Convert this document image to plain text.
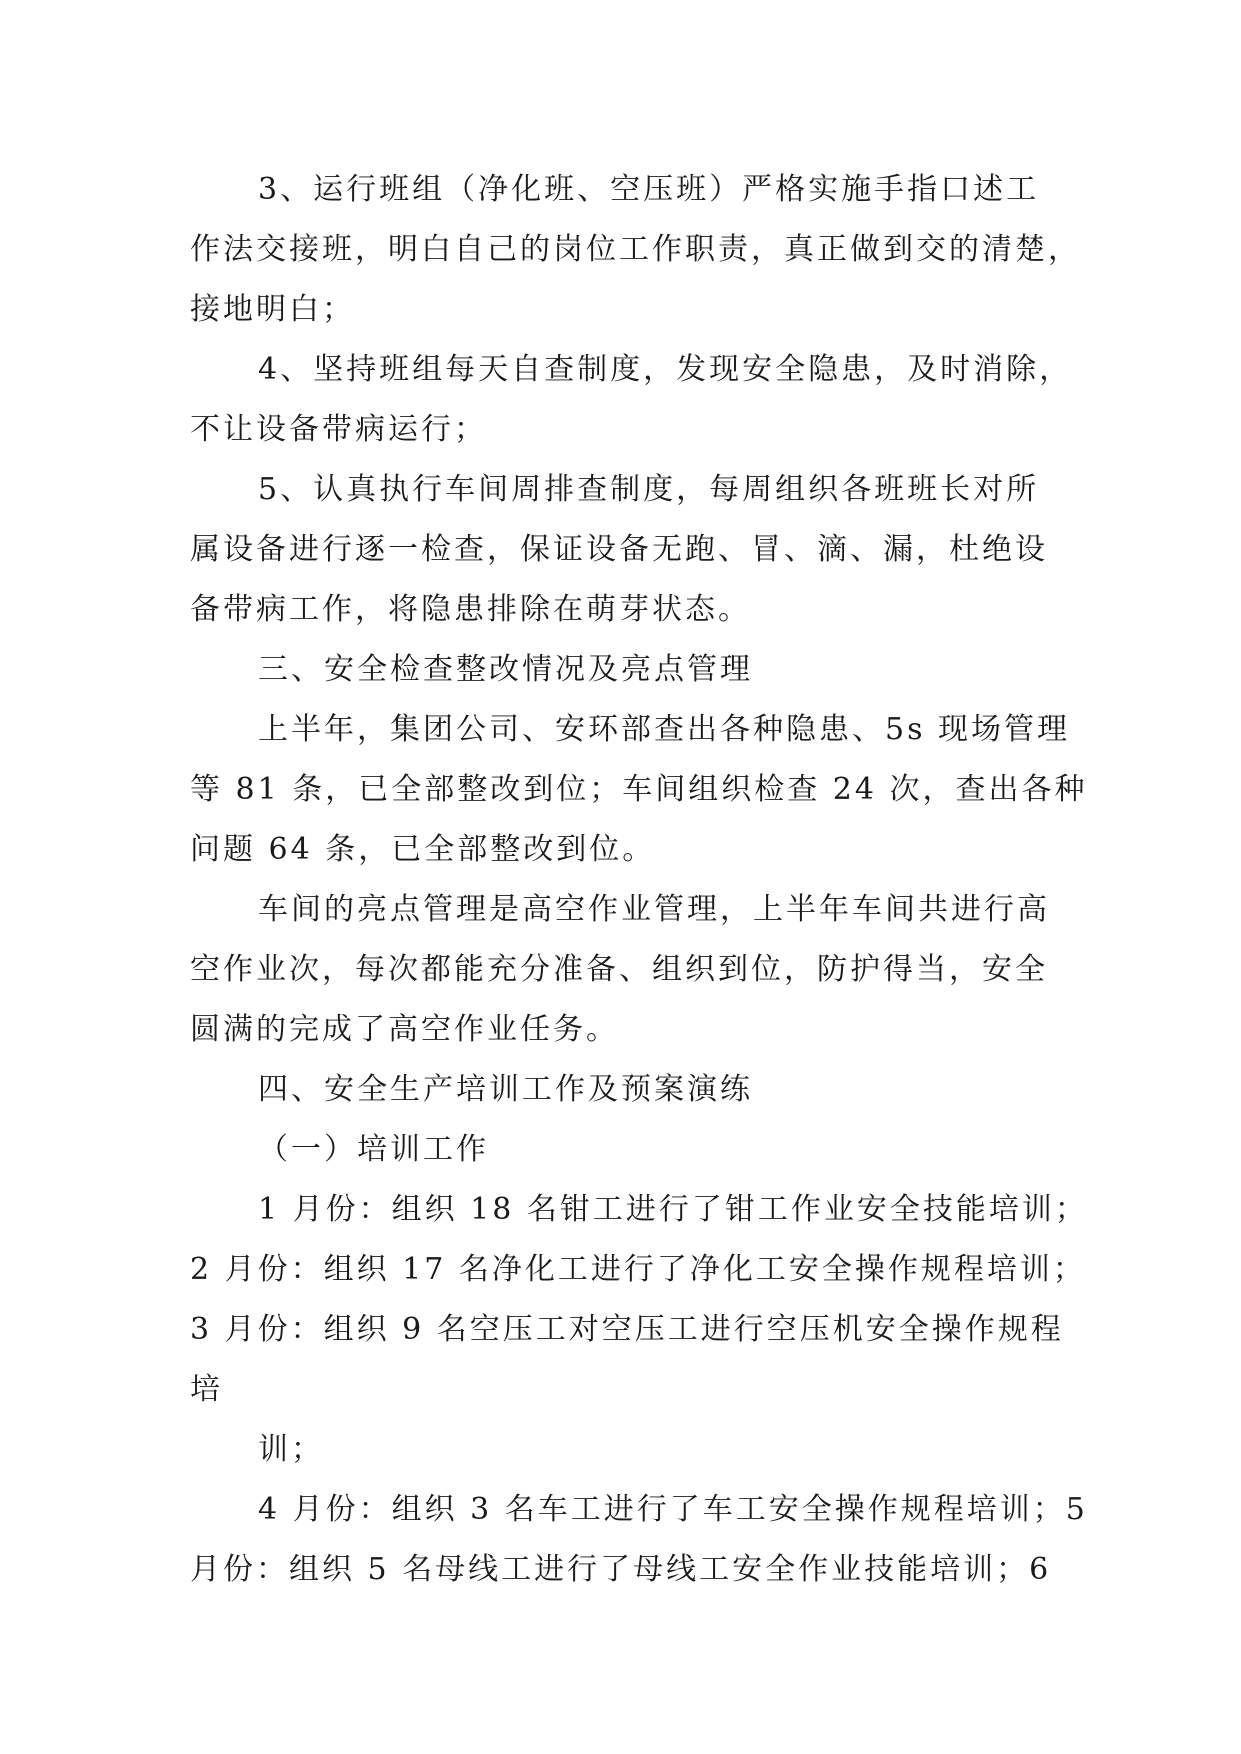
3、运行班组（净化班、空压班）严格实施手指口述工
作法交接班，明白自己的岗位工作职责，真正做到交的清楚，
接地明白；
4、坚持班组每天自查制度，发现安全隐患，及时消除，
不让设备带病运行；
5、认真执行车间周排查制度，每周组织各班班长对所
属设备进行逐一检查，保证设备无跑、冒、滴、漏，杜绝设
备带病工作，将隐患排除在萌芽状态。
三、安全检查整改情况及亮点管理
上半年，集团公司、安环部查出各种隐患、5s 现场管理
等 81 条，已全部整改到位；车间组织检查 24 次，查出各种
问题 64 条，已全部整改到位。
车间的亮点管理是高空作业管理，上半年车间共进行高
空作业次，每次都能充分准备、组织到位，防护得当，安全
圆满的完成了高空作业任务。
四、安全生产培训工作及预案演练
（一）培训工作
1 月份：组织 18 名钳工进行了钳工作业安全技能培训；
2 月份：组织 17 名净化工进行了净化工安全操作规程培训；
3 月份：组织 9 名空压工对空压工进行空压机安全操作规程
培
训；
4 月份：组织 3 名车工进行了车工安全操作规程培训；5
月份：组织 5 名母线工进行了母线工安全作业技能培训；6
